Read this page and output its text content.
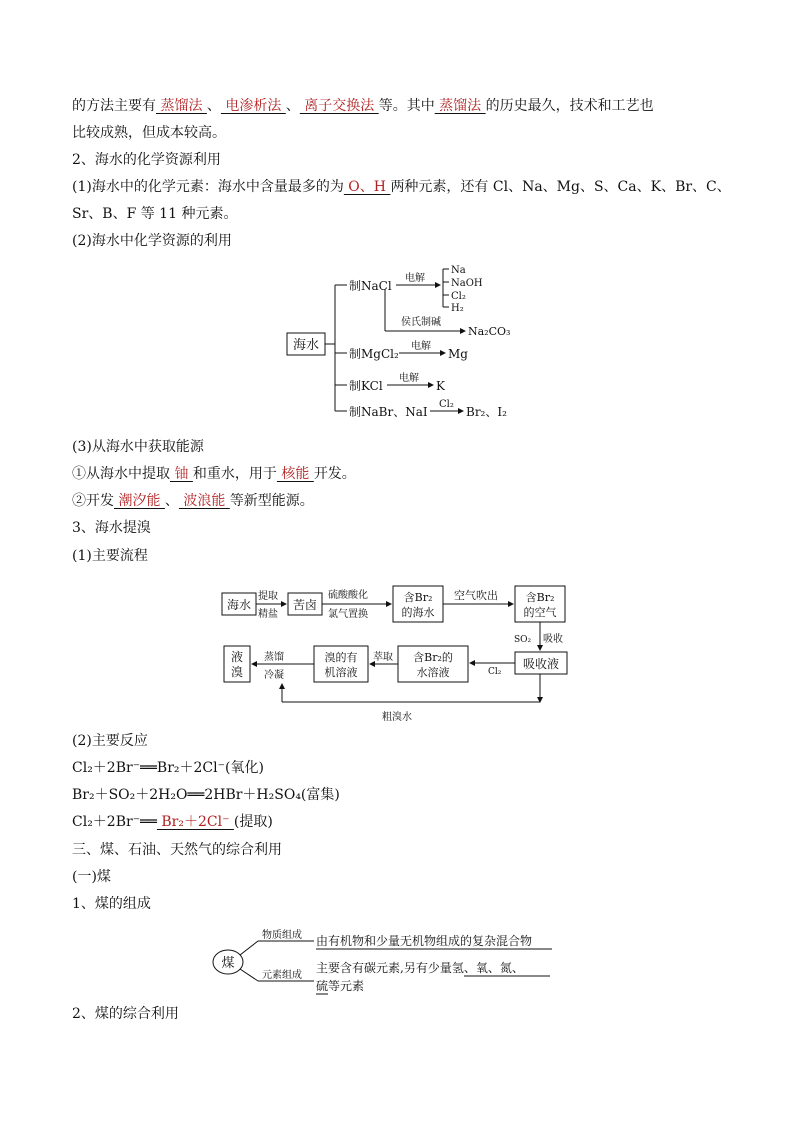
的方法主要有 蒸馏法 、 电渗析法 、 离子交换法 等。其中 蒸馏法 的历史最久，技术和工艺也
比较成熟，但成本较高。
2、海水的化学资源利用
(1)海水中的化学元素：海水中含量最多的为 O、H 两种元素，还有 Cl、Na、Mg、S、Ca、K、Br、C、
Sr、B、F 等 11 种元素。
(2)海水中化学资源的利用
海水
制NaCl
电解
Na
NaOH
Cl₂
H₂
侯氏制碱
Na₂CO₃
制MgCl₂
电解
Mg
制KCl
电解
K
制NaBr、NaI
Cl₂
Br₂、I₂
(3)从海水中获取能源
①从海水中提取 铀 和重水，用于 核能 开发。
②开发 潮汐能 、 波浪能 等新型能源。
3、海水提溴
(1)主要流程
海水
提取
精盐
苦卤
硫酸酸化
氯气置换
含Br₂
的海水
空气吹出	含Br₂
的空气
SO₂ 吸收
吸收液
Cl₂
含Br₂的
水溶液
萃取
溴的有
机溶液
蒸馏
冷凝
液
溴
粗溴水
(2)主要反应
Cl₂＋2Br⁻══Br₂＋2Cl⁻(氧化)
Br₂＋SO₂＋2H₂O══2HBr＋H₂SO₄(富集)
Cl₂＋2Br⁻══ Br₂＋2Cl⁻ (提取)
三、煤、石油、天然气的综合利用
(一)煤
1、煤的组成
煤
物质组成 由有机物和少量无机物组成的复杂混合物
元素组成
主要含有碳元素,另有少量氢、氧、氮、
硫等元素
2、煤的综合利用
